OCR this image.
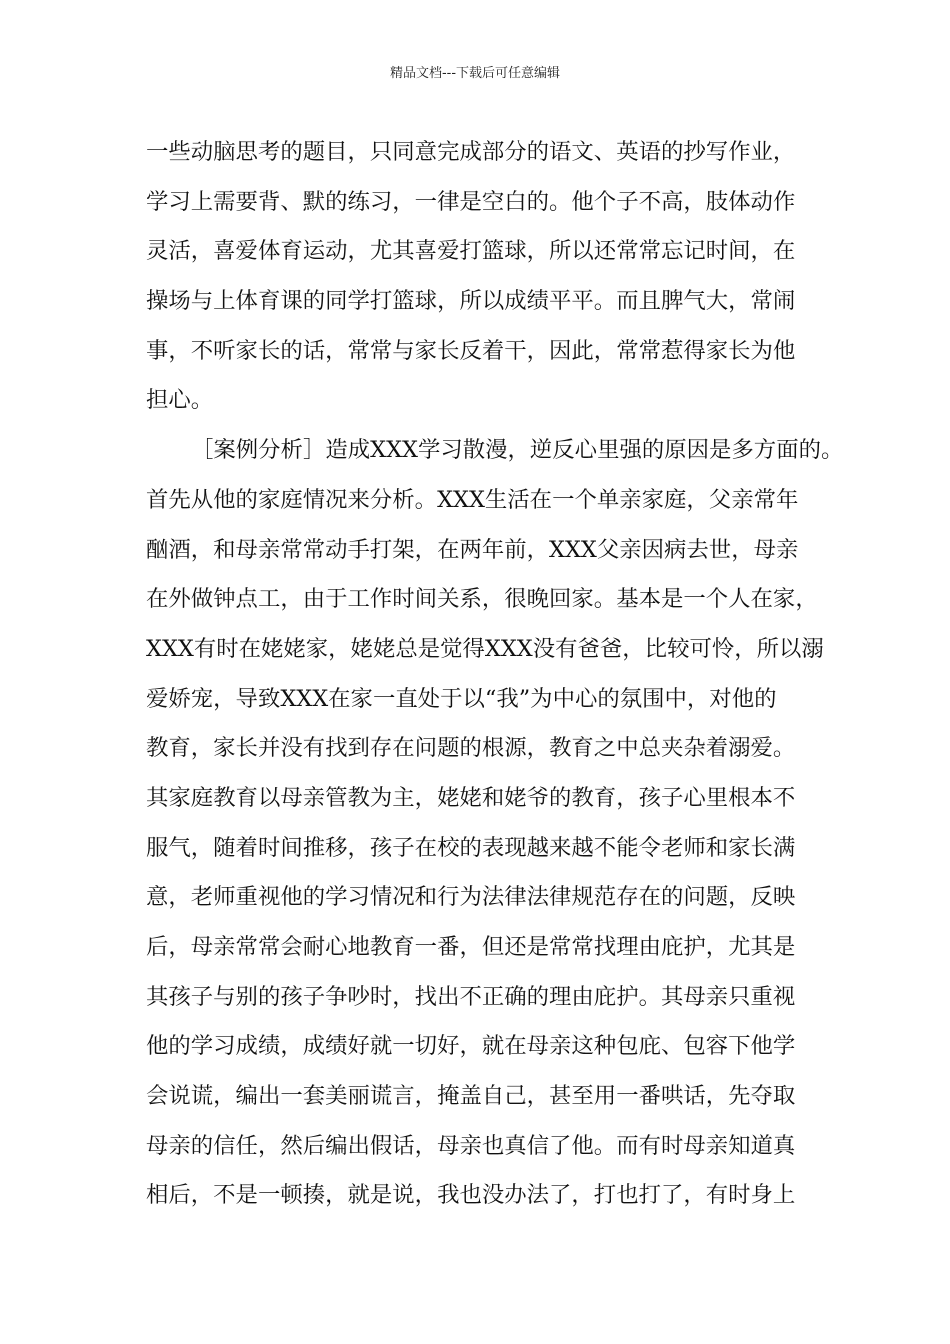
精品文档---下载后可任意编辑
一些动脑思考的题目，只同意完成部分的语文、英语的抄写作业，
学习上需要背、默的练习，一律是空白的。他个子不高，肢体动作
灵活，喜爱体育运动，尤其喜爱打篮球，所以还常常忘记时间，在
操场与上体育课的同学打篮球，所以成绩平平。而且脾气大，常闹
事，不听家长的话，常常与家长反着干，因此，常常惹得家长为他
担心。
［案例分析］造成XXX学习散漫，逆反心里强的原因是多方面的。
首先从他的家庭情况来分析。XXX生活在一个单亲家庭，父亲常年
酗酒，和母亲常常动手打架，在两年前，XXX父亲因病去世，母亲
在外做钟点工，由于工作时间关系，很晚回家。基本是一个人在家，
XXX有时在姥姥家，姥姥总是觉得XXX没有爸爸，比较可怜，所以溺
爱娇宠，导致XXX在家一直处于以“我”为中心的氛围中，对他的
教育，家长并没有找到存在问题的根源，教育之中总夹杂着溺爱。
其家庭教育以母亲管教为主，姥姥和姥爷的教育，孩子心里根本不
服气，随着时间推移，孩子在校的表现越来越不能令老师和家长满
意，老师重视他的学习情况和行为法律法律规范存在的问题，反映
后，母亲常常会耐心地教育一番，但还是常常找理由庇护，尤其是
其孩子与别的孩子争吵时，找出不正确的理由庇护。其母亲只重视
他的学习成绩，成绩好就一切好，就在母亲这种包庇、包容下他学
会说谎，编出一套美丽谎言，掩盖自己，甚至用一番哄话，先夺取
母亲的信任，然后编出假话，母亲也真信了他。而有时母亲知道真
相后，不是一顿揍，就是说，我也没办法了，打也打了，有时身上
